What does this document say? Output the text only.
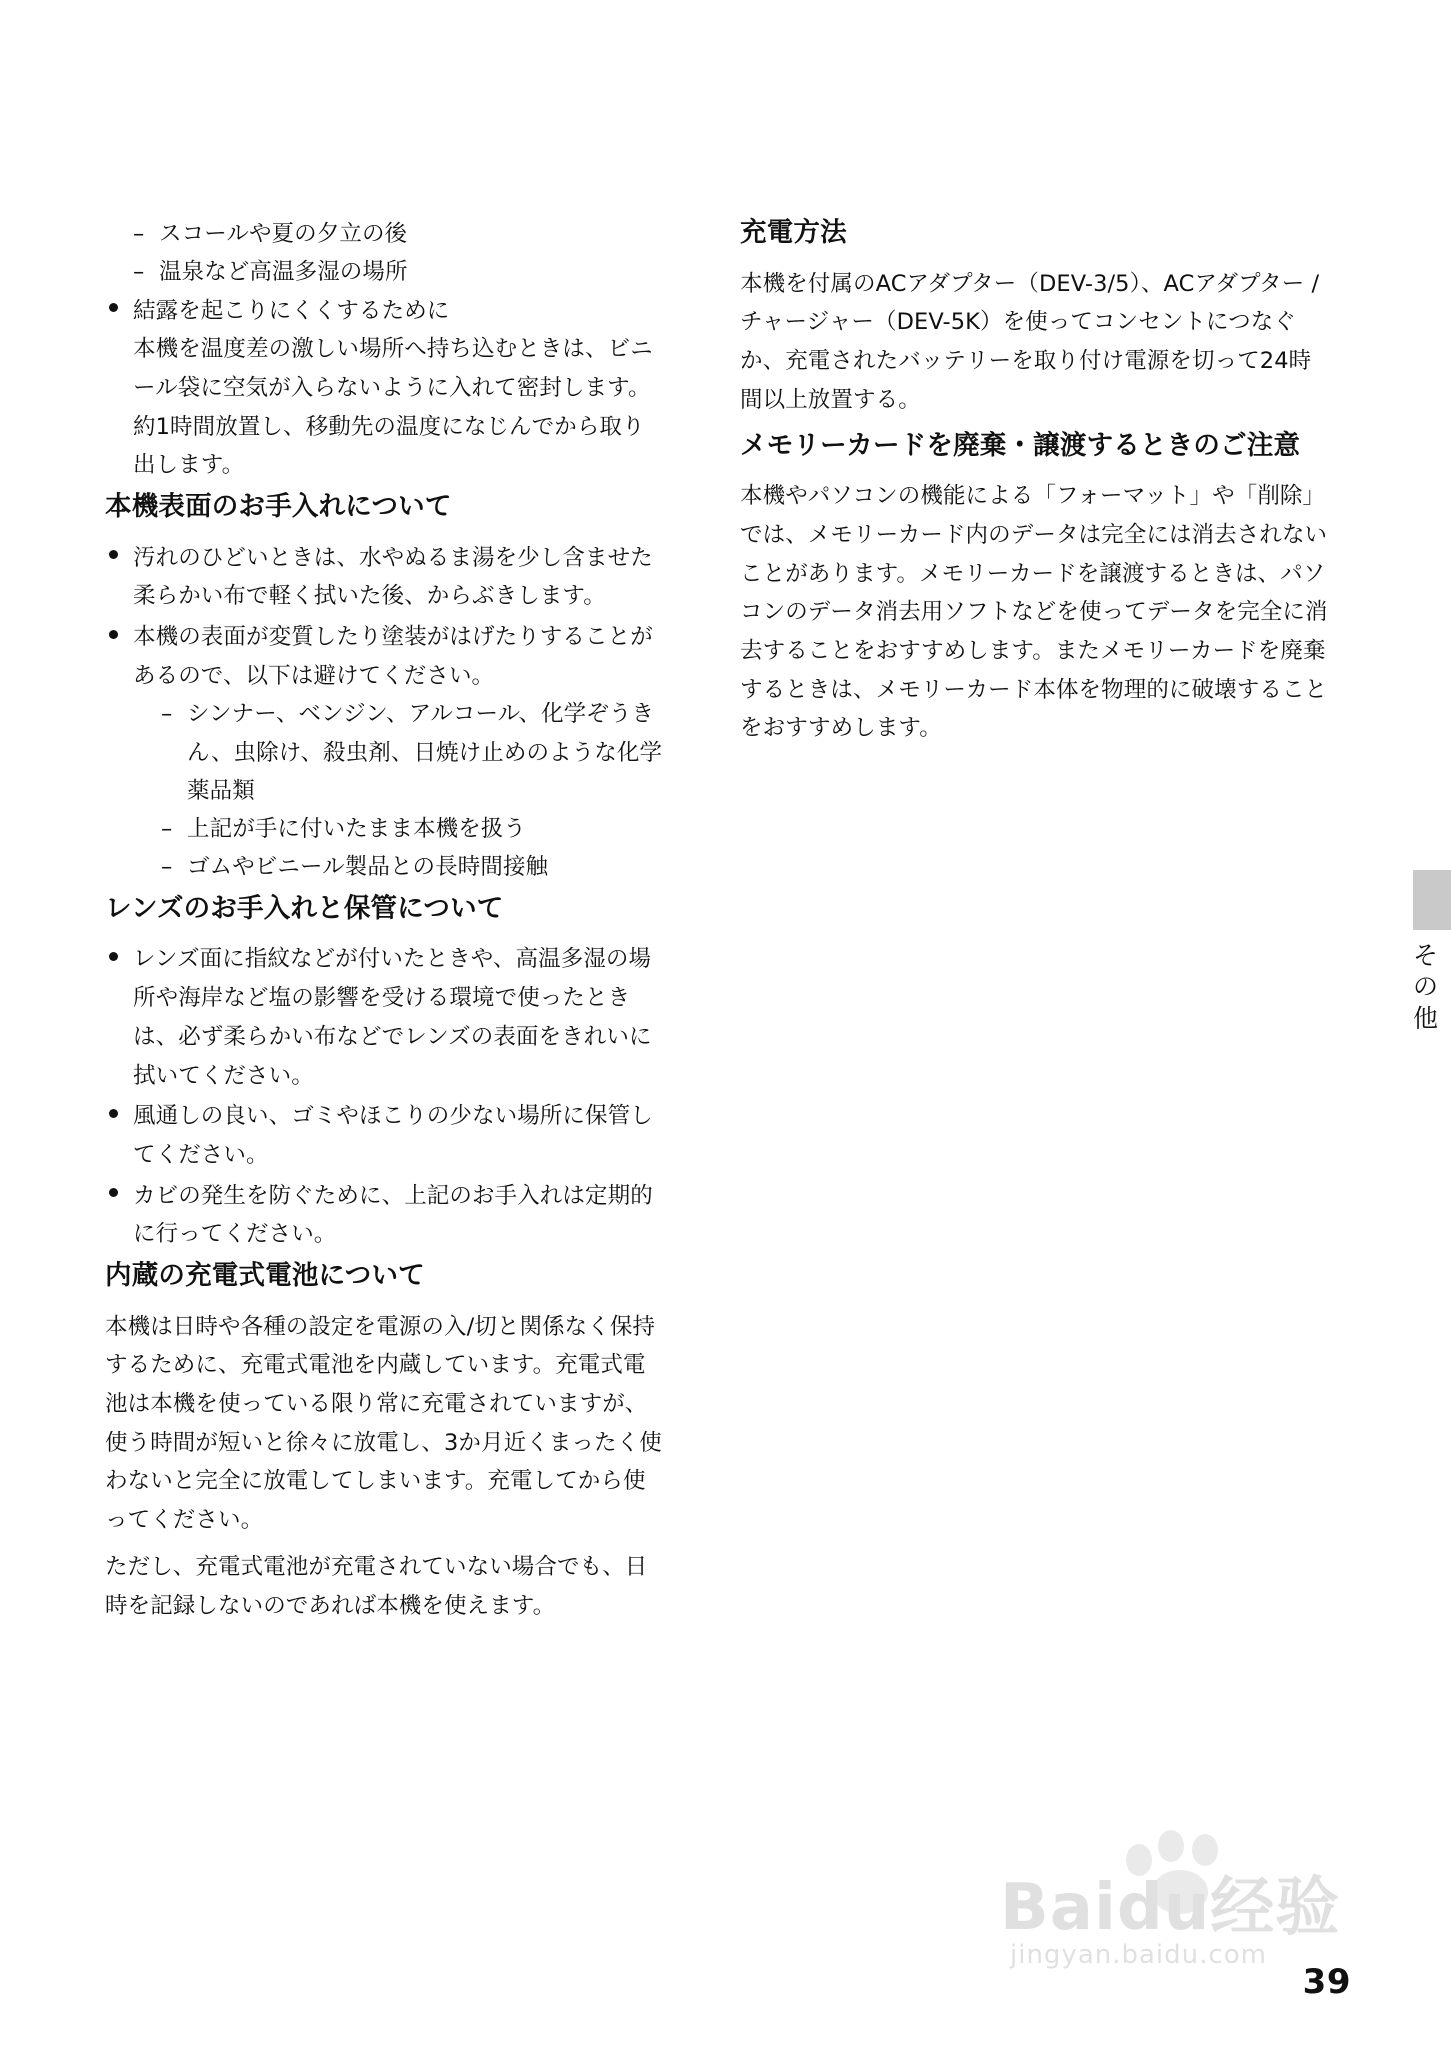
– スコールや夏の夕立の後
– 温泉など高温多湿の場所
結露を起こりにくくするために
本機を温度差の激しい場所へ持ち込むときは、ビニール袋に空気が入らないように入れて密封します。約1時間放置し、移動先の温度になじんでから取り出します。
本機表面のお手入れについて
汚れのひどいときは、水やぬるま湯を少し含ませた柔らかい布で軽く拭いた後、からぶきします。
本機の表面が変質したり塗装がはげたりすることがあるので、以下は避けてください。
– シンナー、ベンジン、アルコール、化学ぞうきん、虫除け、殺虫剤、日焼け止めのような化学薬品類
– 上記が手に付いたまま本機を扱う
– ゴムやビニール製品との長時間接触
レンズのお手入れと保管について
レンズ面に指紋などが付いたときや、高温多湿の場所や海岸など塩の影響を受ける環境で使ったときは、必ず柔らかい布などでレンズの表面をきれいに拭いてください。
風通しの良い、ゴミやほこりの少ない場所に保管してください。
カビの発生を防ぐために、上記のお手入れは定期的に行ってください。
内蔵の充電式電池について

本機は日時や各種の設定を電源の入/切と関係なく保持するために、充電式電池を内蔵しています。充電式電池は本機を使っている限り常に充電されていますが、使う時間が短いと徐々に放電し、3か月近くまったく使わないと完全に放電してしまいます。充電してから使ってください。

ただし、充電式電池が充電されていない場合でも、日時を記録しないのであれば本機を使えます。

充電方法

本機を付属のACアダプター（DEV-3/5）、ACアダプター /チャージャー（DEV-5K）を使ってコンセントにつなぐか、充電されたバッテリーを取り付け電源を切って24時間以上放置する。

メモリーカードを廃棄・譲渡するときのご注意

本機やパソコンの機能による「フォーマット」や「削除」では、メモリーカード内のデータは完全には消去されないことがあります。メモリーカードを譲渡するときは、パソコンのデータ消去用ソフトなどを使ってデータを完全に消去することをおすすめします。またメモリーカードを廃棄するときは、メモリーカード本体を物理的に破壊することをおすすめします。

その他
39
Baidu经验
jingyan.baidu.com
